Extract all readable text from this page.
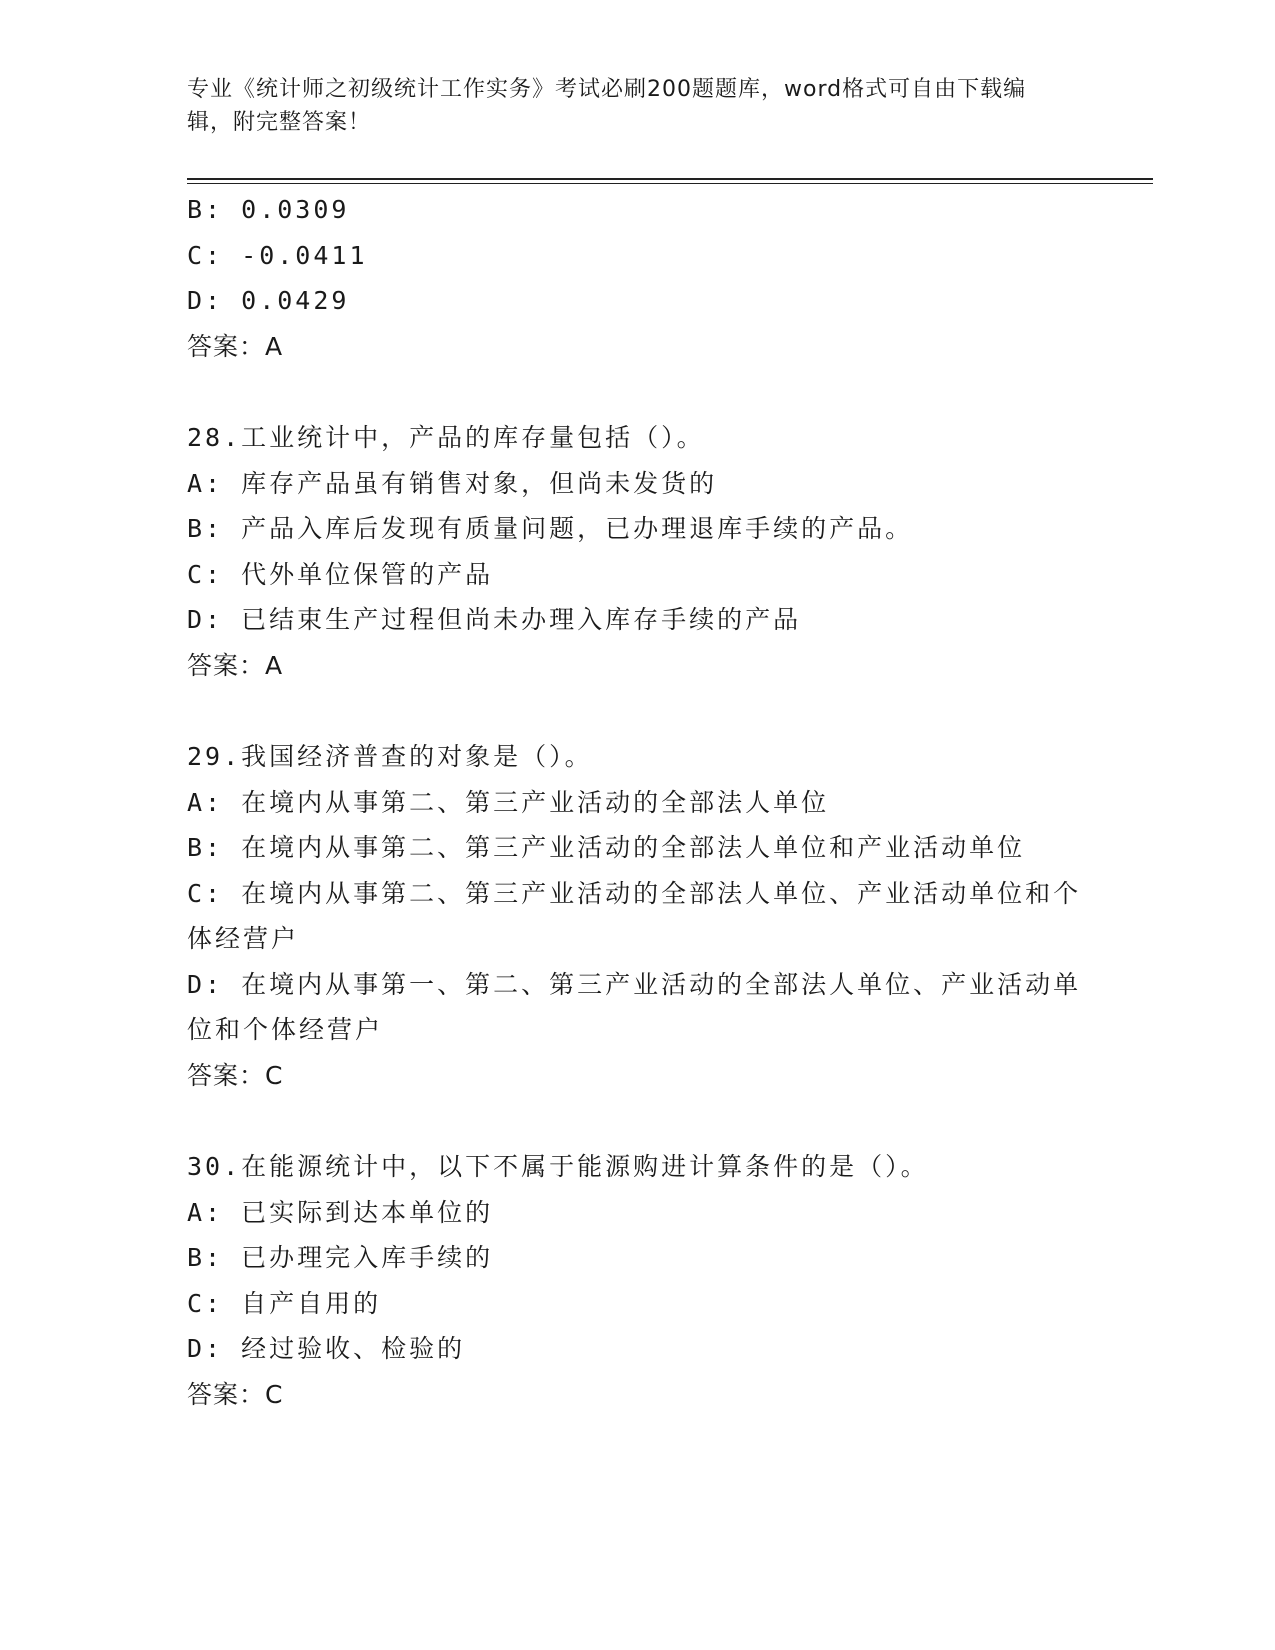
专业《统计师之初级统计工作实务》考试必刷200题题库，word格式可自由下载编辑，附完整答案！
B: 0.0309
C: -0.0411
D: 0.0429
答案：A
28.工业统计中，产品的库存量包括（）。
A: 库存产品虽有销售对象，但尚未发货的
B: 产品入库后发现有质量问题，已办理退库手续的产品。
C: 代外单位保管的产品
D: 已结束生产过程但尚未办理入库存手续的产品
答案：A
29.我国经济普查的对象是（）。
A: 在境内从事第二、第三产业活动的全部法人单位
B: 在境内从事第二、第三产业活动的全部法人单位和产业活动单位
C: 在境内从事第二、第三产业活动的全部法人单位、产业活动单位和个体经营户
D: 在境内从事第一、第二、第三产业活动的全部法人单位、产业活动单位和个体经营户
答案：C
30.在能源统计中，以下不属于能源购进计算条件的是（）。
A: 已实际到达本单位的
B: 已办理完入库手续的
C: 自产自用的
D: 经过验收、检验的
答案：C
